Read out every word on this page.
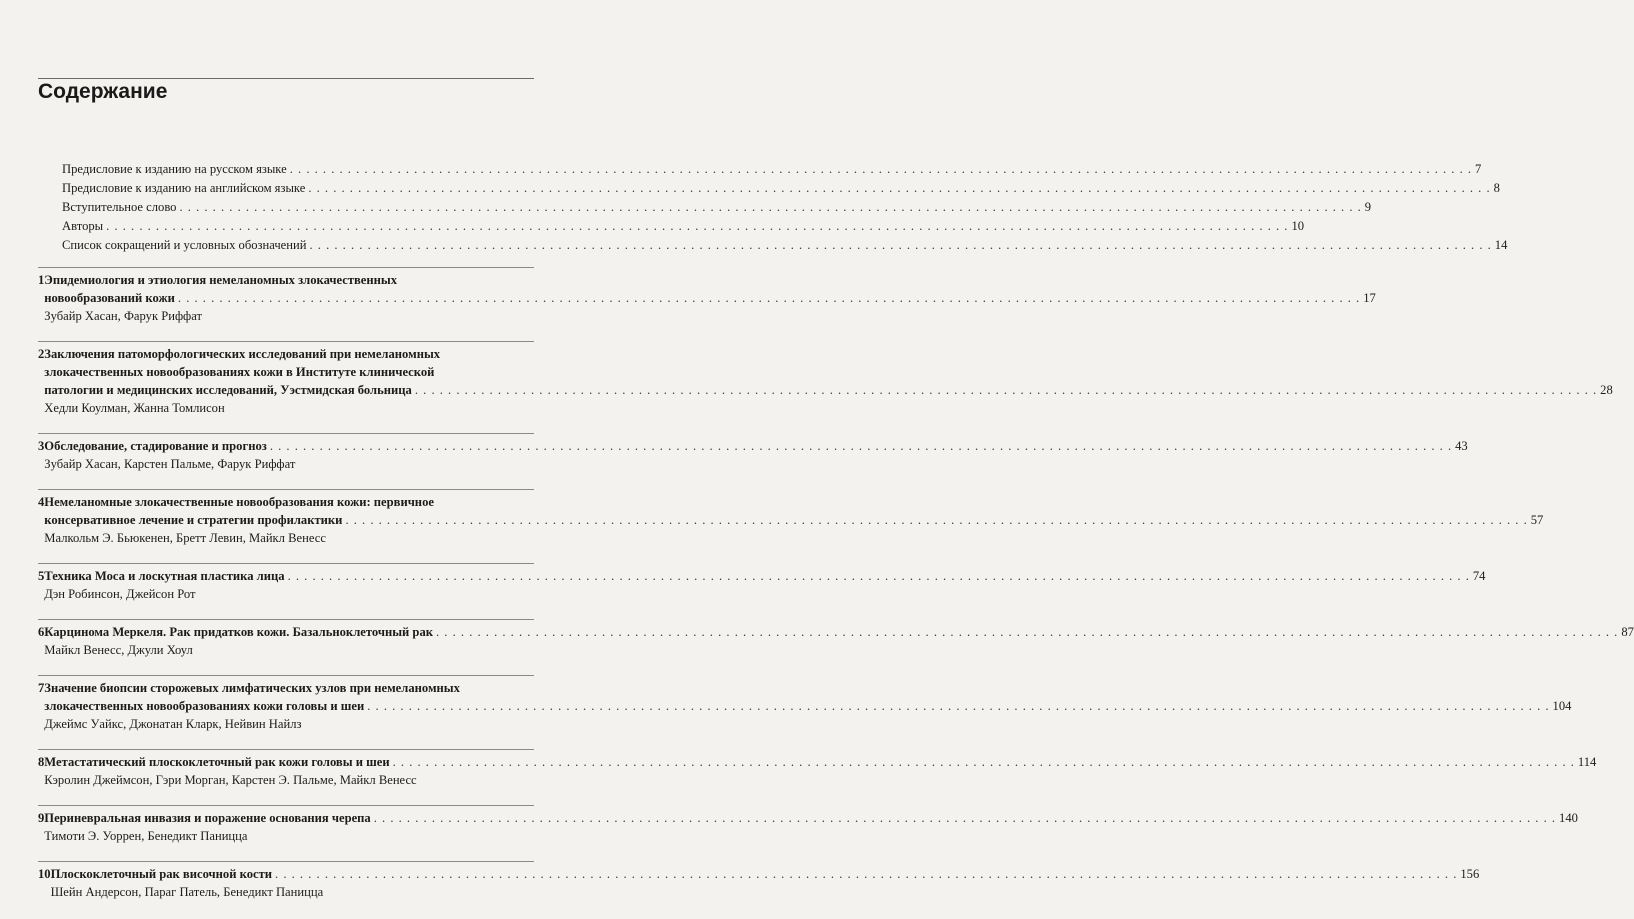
Содержание
Предисловие к изданию на русском языке . . .	7
Предисловие к изданию на английском языке . . .	8
Вступительное слово . . .	9
Авторы . . .	10
Список сокращений и условных обозначений . . .	14
1 Эпидемиология и этиология немеланомных злокачественных
новообразований кожи . . .	17
Зубайр Хасан, Фарук Риффат
2 Заключения патоморфологических исследований при немеланомных
злокачественных новообразованиях кожи в Институте клинической
патологии и медицинских исследований, Уэстмидская больница . . .	28
Хедли Коулман, Жанна Томлисон
3 Обследование, стадирование и прогноз . . .	43
Зубайр Хасан, Карстен Пальме, Фарук Риффат
4 Немеланомные злокачественные новообразования кожи: первичное
консервативное лечение и стратегии профилактики . . .	57
Малкольм Э. Бьюкенен, Бретт Левин, Майкл Венесс
5 Техника Моса и лоскутная пластика лица . . .	74
Дэн Робинсон, Джейсон Рот
6 Карцинома Меркеля. Рак придатков кожи. Базальноклеточный рак . . .	87
Майкл Венесс, Джули Хоул
7 Значение биопсии сторожевых лимфатических узлов при немеланомных
злокачественных новообразованиях кожи головы и шеи . . .	104
Джеймс Уайкс, Джонатан Кларк, Нейвин Найлз
8 Метастатический плоскоклеточный рак кожи головы и шеи . . .	114
Кэролин Джеймсон, Гэри Морган, Карстен Э. Пальме, Майкл Венесс
9 Периневральная инвазия и поражение основания черепа . . .	140
Тимоти Э. Уоррен, Бенедикт Паницца
10 Плоскоклеточный рак височной кости . . .	156
Шейн Андерсон, Параг Патель, Бенедикт Паницца
